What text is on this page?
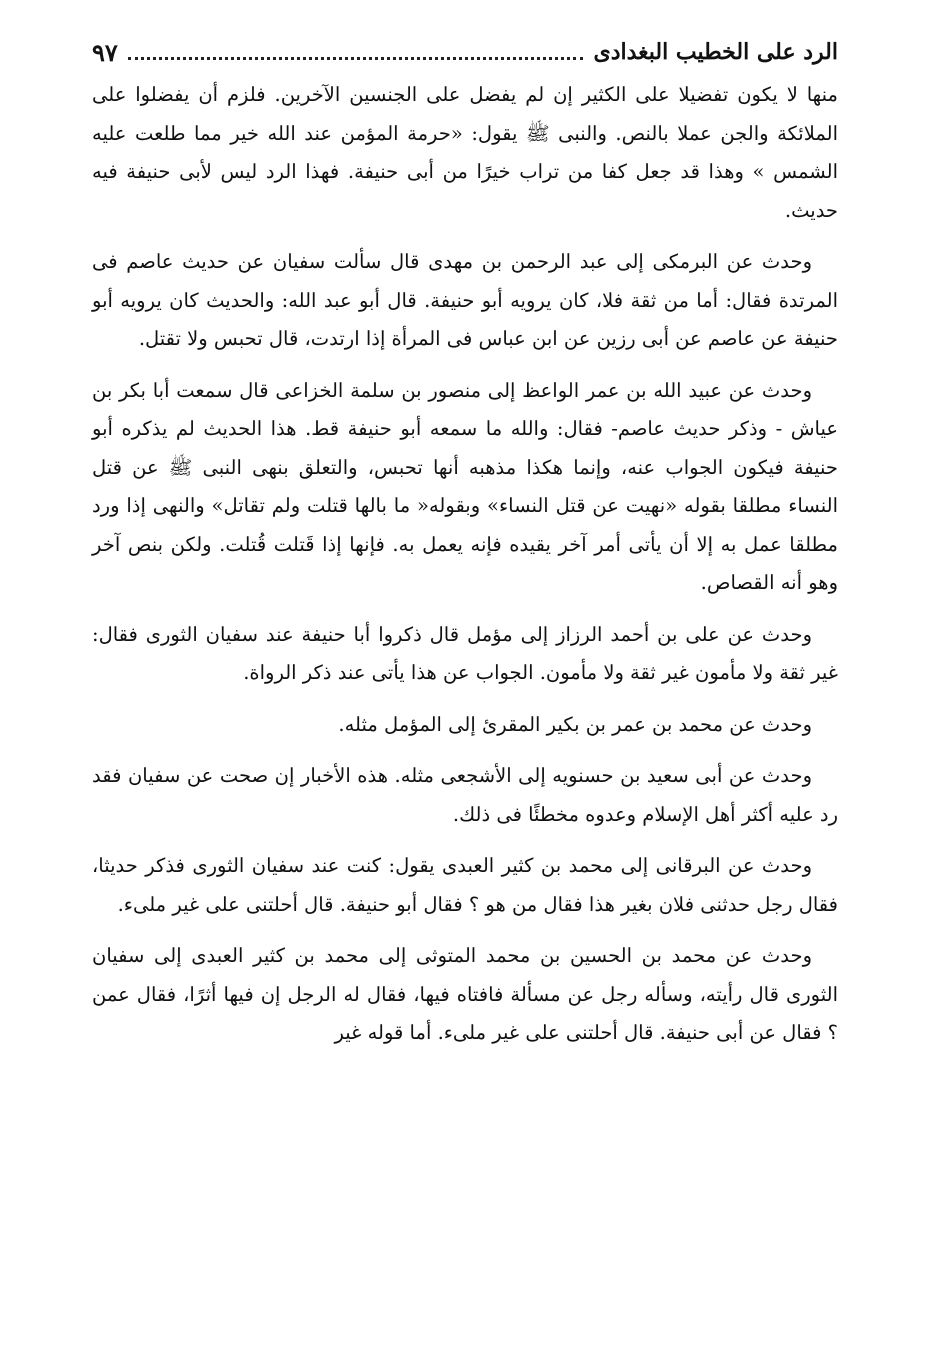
الرد على الخطيب البغدادى
٩٧

منها لا يكون تفضيلا على الكثير إن لم يفضل على الجنسين الآخرين. فلزم أن يفضلوا على الملائكة والجن عملا بالنص. والنبى ﷺ يقول: «حرمة المؤمن عند الله خير مما طلعت عليه الشمس » وهذا قد جعل كفا من تراب خيرًا من أبى حنيفة. فهذا الرد ليس لأبى حنيفة فيه حديث.

وحدث عن البرمكى إلى عبد الرحمن بن مهدى قال سألت سفيان عن حديث عاصم فى المرتدة فقال: أما من ثقة فلا، كان يرويه أبو حنيفة. قال أبو عبد الله: والحديث كان يرويه أبو حنيفة عن عاصم عن أبى رزين عن ابن عباس فى المرأة إذا ارتدت، قال تحبس ولا تقتل.

وحدث عن عبيد الله بن عمر الواعظ إلى منصور بن سلمة الخزاعى قال سمعت أبا بكر بن عياش - وذكر حديث عاصم- فقال: والله ما سمعه أبو حنيفة قط. هذا الحديث لم يذكره أبو حنيفة فيكون الجواب عنه، وإنما هكذا مذهبه أنها تحبس، والتعلق بنهى النبى ﷺ عن قتل النساء مطلقا بقوله «نهيت عن قتل النساء» وبقوله« ما بالها قتلت ولم تقاتل» والنهى إذا ورد مطلقا عمل به إلا أن يأتى أمر آخر يقيده فإنه يعمل به. فإنها إذا قَتلت قُتلت. ولكن بنص آخر وهو أنه القصاص.

وحدث عن على بن أحمد الرزاز إلى مؤمل قال ذكروا أبا حنيفة عند سفيان الثورى فقال: غير ثقة ولا مأمون غير ثقة ولا مأمون. الجواب عن هذا يأتى عند ذكر الرواة.

وحدث عن محمد بن عمر بن بكير المقرئ إلى المؤمل مثله.

وحدث عن أبى سعيد بن حسنويه إلى الأشجعى مثله. هذه الأخبار إن صحت عن سفيان فقد رد عليه أكثر أهل الإسلام وعدوه مخطئًا فى ذلك.

وحدث عن البرقانى إلى محمد بن كثير العبدى يقول: كنت عند سفيان الثورى فذكر حديثا، فقال رجل حدثنى فلان بغير هذا فقال من هو ؟ فقال أبو حنيفة. قال أحلتنى على غير ملىء.

وحدث عن محمد بن الحسين بن محمد المتوثى إلى محمد بن كثير العبدى إلى سفيان الثورى قال رأيته، وسأله رجل عن مسألة فافتاه فيها، فقال له الرجل إن فيها أثرًا، فقال عمن ؟ فقال عن أبى حنيفة. قال أحلتنى على غير ملىء. أما قوله غير
